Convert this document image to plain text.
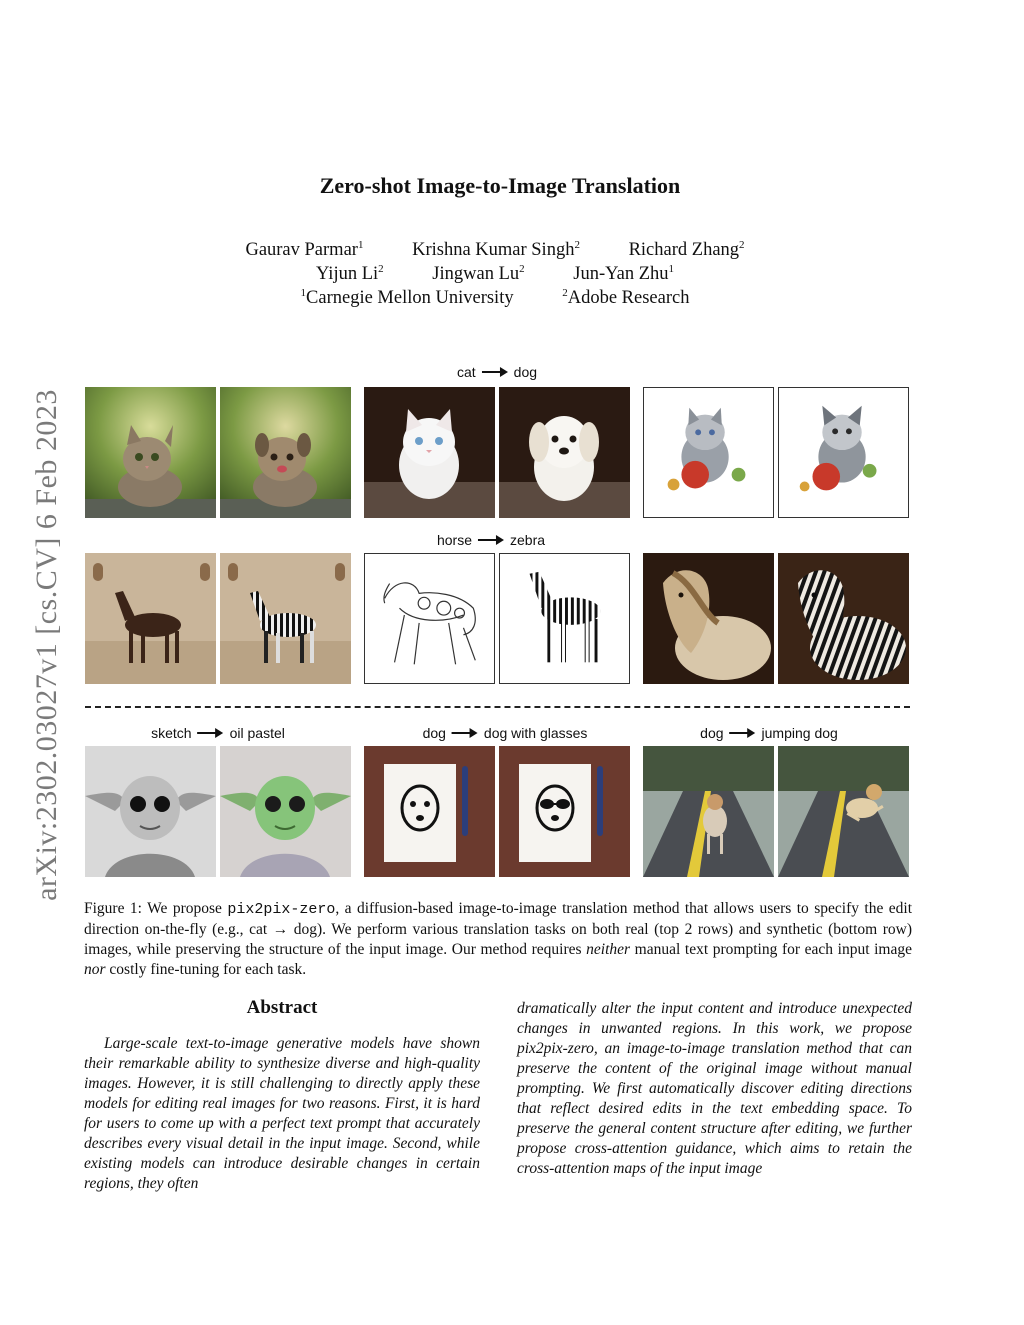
arXiv:2302.03027v1 [cs.CV] 6 Feb 2023
Zero-shot Image-to-Image Translation
Gaurav Parmar$^1$	Krishna Kumar Singh$^2$	Richard Zhang$^2$
Yijun Li$^2$	Jingwan Lu$^2$	Jun-Yan Zhu$^1$
$^1$Carnegie Mellon University	$^2$Adobe Research
cat	dog
horse	zebra
sketch	oil pastel	dog	dog with glasses	dog	jumping dog
Figure 1: We propose pix2pix-zero, a diffusion-based image-to-image translation method that allows users to specify the edit direction on-the-fly (e.g., cat → dog). We perform various translation tasks on both real (top 2 rows) and synthetic (bottom row) images, while preserving the structure of the input image. Our method requires neither manual text prompting for each input image nor costly fine-tuning for each task.
Abstract
Large-scale text-to-image generative models have shown their remarkable ability to synthesize diverse and high-quality images. However, it is still challenging to directly apply these models for editing real images for two reasons. First, it is hard for users to come up with a perfect text prompt that accurately describes every visual detail in the input image. Second, while existing models can introduce desirable changes in certain regions, they often
dramatically alter the input content and introduce unexpected changes in unwanted regions. In this work, we propose pix2pix-zero, an image-to-image translation method that can preserve the content of the original image without manual prompting. We first automatically discover editing directions that reflect desired edits in the text embedding space. To preserve the general content structure after editing, we further propose cross-attention guidance, which aims to retain the cross-attention maps of the input image
